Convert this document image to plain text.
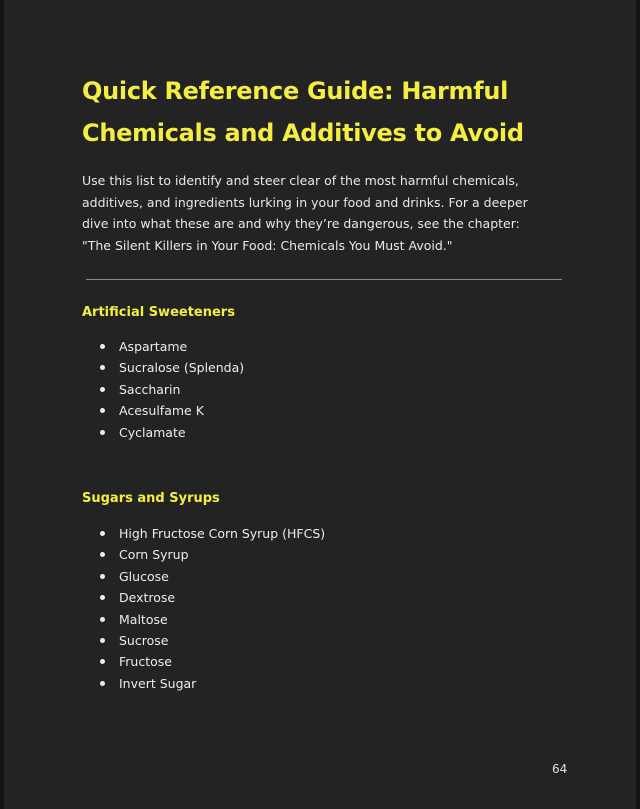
Quick Reference Guide: Harmful Chemicals and Additives to Avoid

Use this list to identify and steer clear of the most harmful chemicals, additives, and ingredients lurking in your food and drinks. For a deeper dive into what these are and why they’re dangerous, see the chapter: "The Silent Killers in Your Food: Chemicals You Must Avoid."

Artificial Sweeteners
Aspartame
Sucralose (Splenda)
Saccharin
Acesulfame K
Cyclamate
Sugars and Syrups
High Fructose Corn Syrup (HFCS)
Corn Syrup
Glucose
Dextrose
Maltose
Sucrose
Fructose
Invert Sugar
64
